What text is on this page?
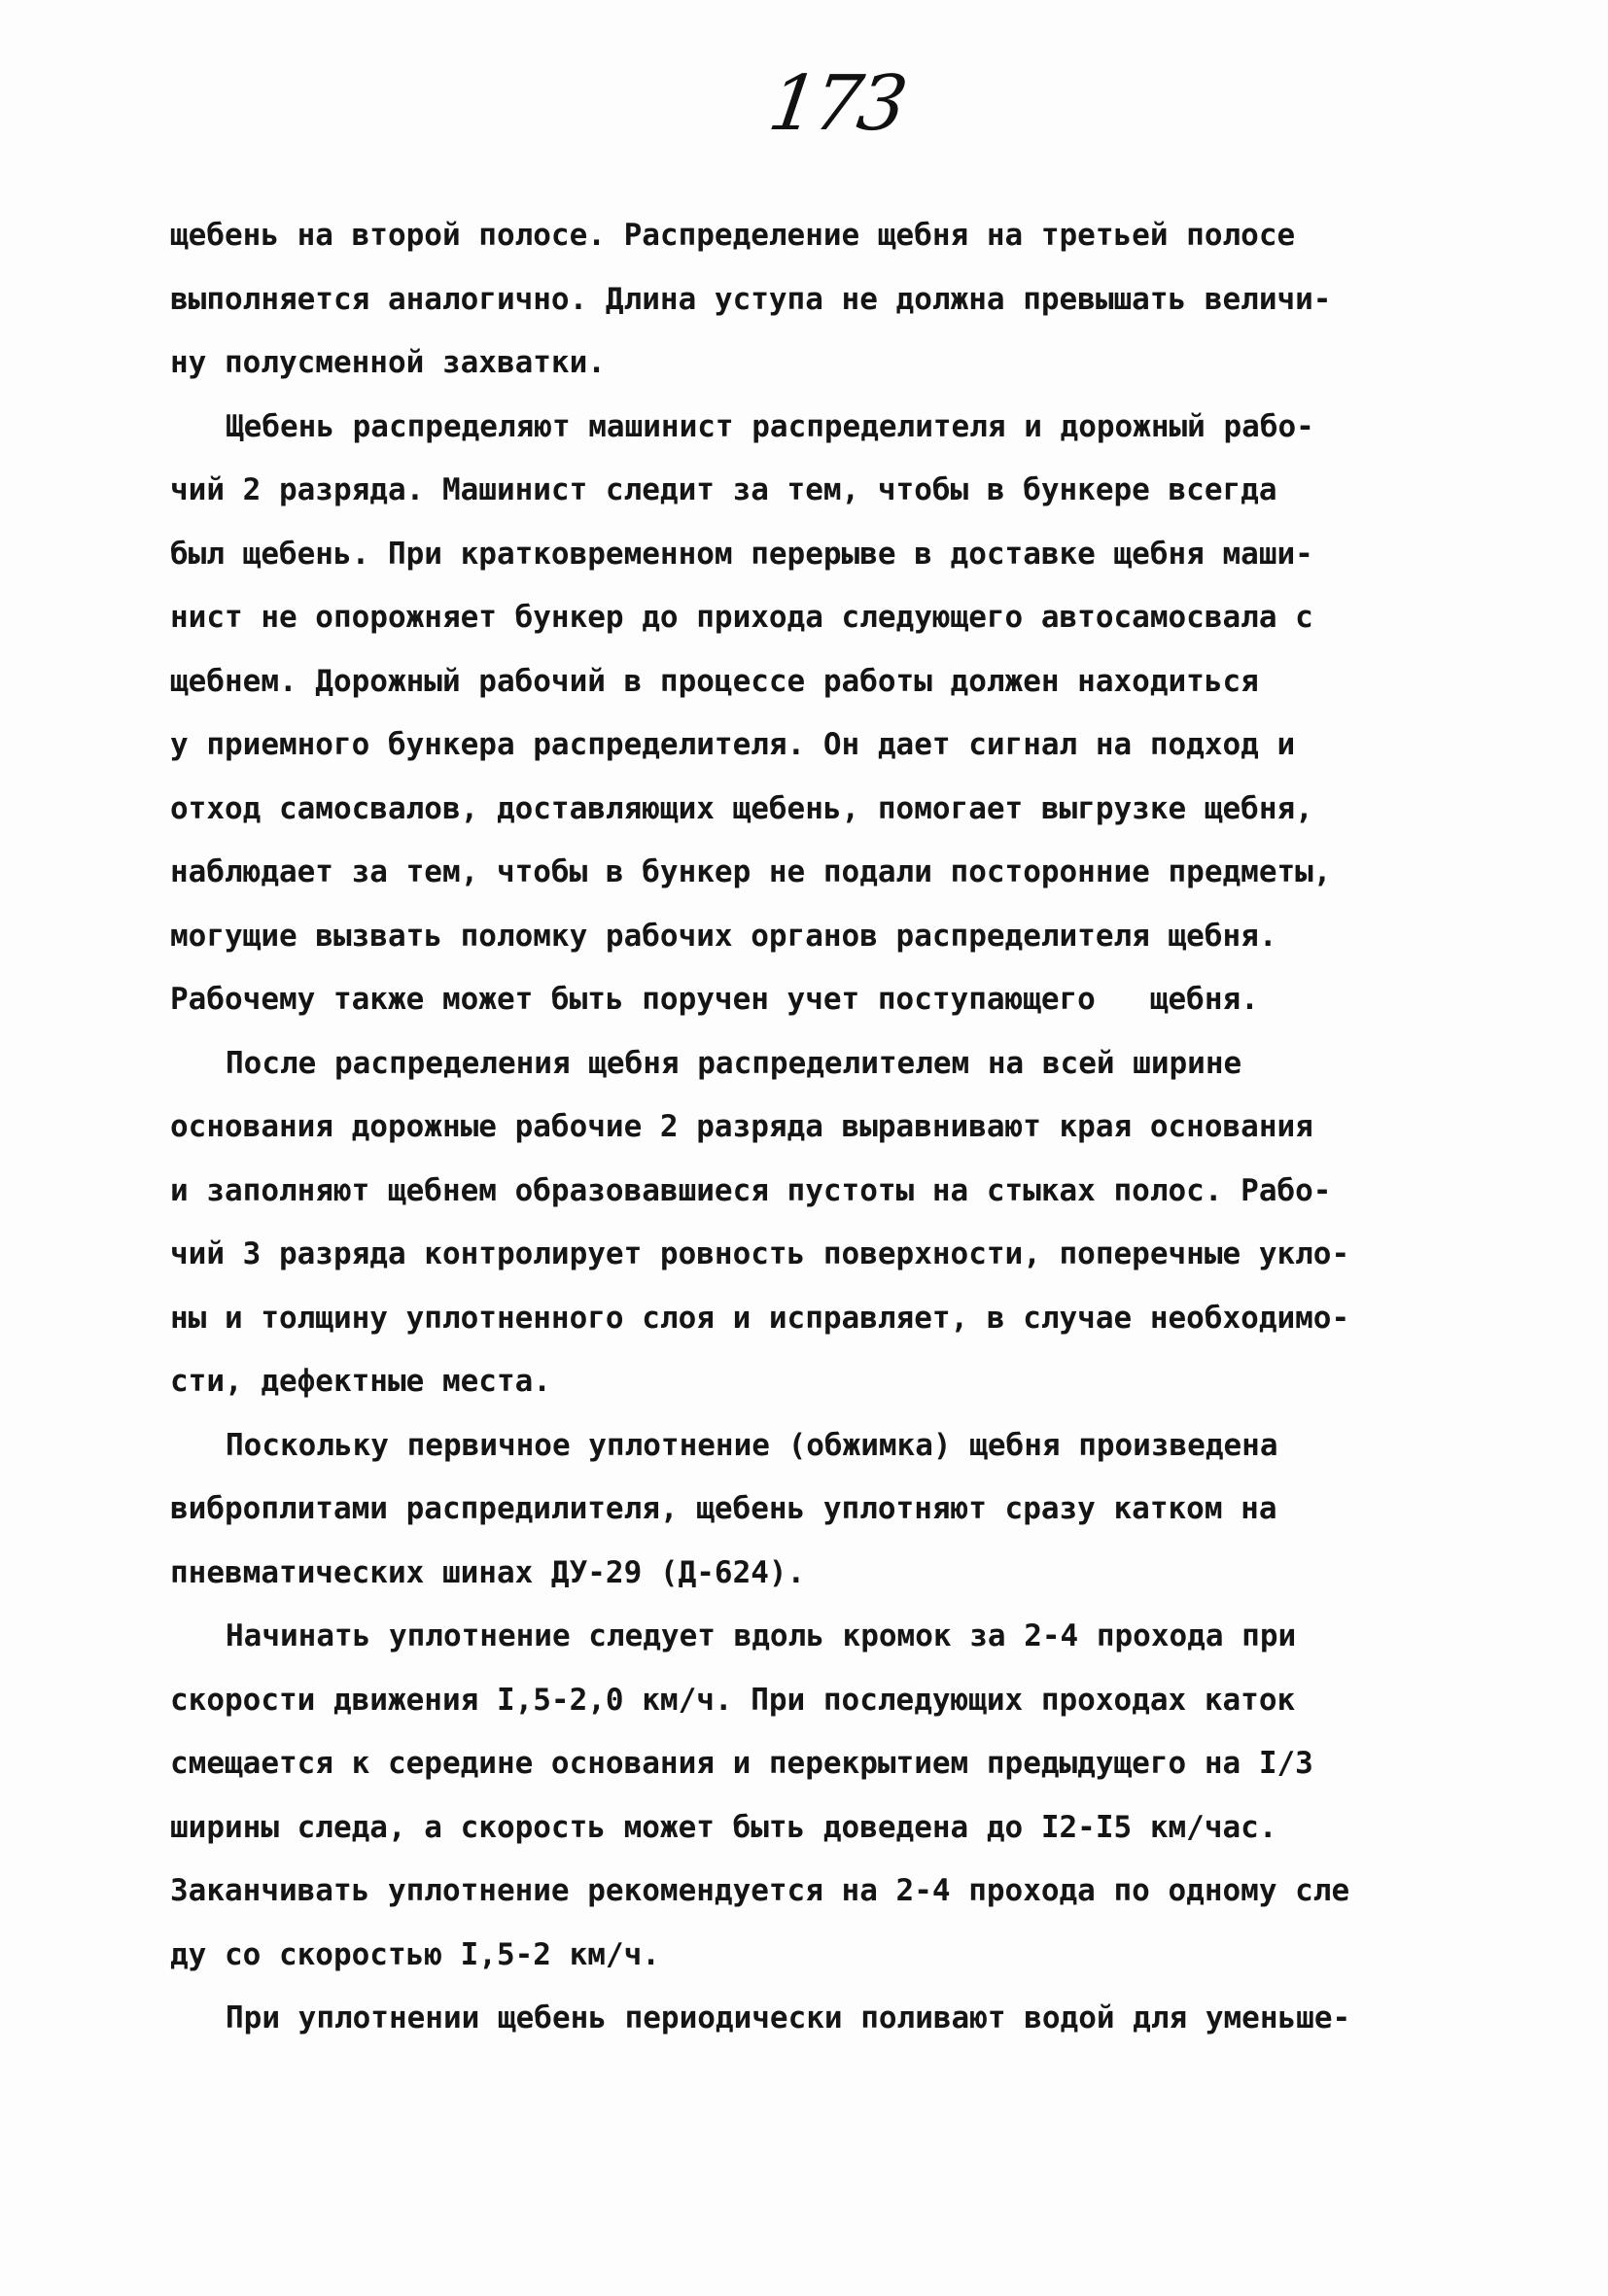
173
щебень на второй полосе. Распределение щебня на третьей полосе
выполняется аналогично. Длина уступа не должна превышать величи-
ну полусменной захватки.
Щебень распределяют машинист распределителя и дорожный рабо-
чий 2 разряда. Машинист следит за тем, чтобы в бункере всегда
был щебень. При кратковременном перерыве в доставке щебня маши-
нист не опорожняет бункер до прихода следующего автосамосвала с
щебнем. Дорожный рабочий в процессе работы должен находиться
у приемного бункера распределителя. Он дает сигнал на подход и
отход самосвалов, доставляющих щебень, помогает выгрузке щебня,
наблюдает за тем, чтобы в бункер не подали посторонние предметы,
могущие вызвать поломку рабочих органов распределителя щебня.
Рабочему также может быть поручен учет поступающего   щебня.
После распределения щебня распределителем на всей ширине
основания дорожные рабочие 2 разряда выравнивают края основания
и заполняют щебнем образовавшиеся пустоты на стыках полос. Рабо-
чий 3 разряда контролирует ровность поверхности, поперечные укло-
ны и толщину уплотненного слоя и исправляет, в случае необходимо-
сти, дефектные места.
Поскольку первичное уплотнение (обжимка) щебня произведена
виброплитами распредилителя, щебень уплотняют сразу катком на
пневматических шинах ДУ-29 (Д-624).
Начинать уплотнение следует вдоль кромок за 2-4 прохода при
скорости движения I,5-2,0 км/ч. При последующих проходах каток
смещается к середине основания и перекрытием предыдущего на I/3
ширины следа, а скорость может быть доведена до I2-I5 км/час.
Заканчивать уплотнение рекомендуется на 2-4 прохода по одному сле
ду со скоростью I,5-2 км/ч.
При уплотнении щебень периодически поливают водой для уменьше-
